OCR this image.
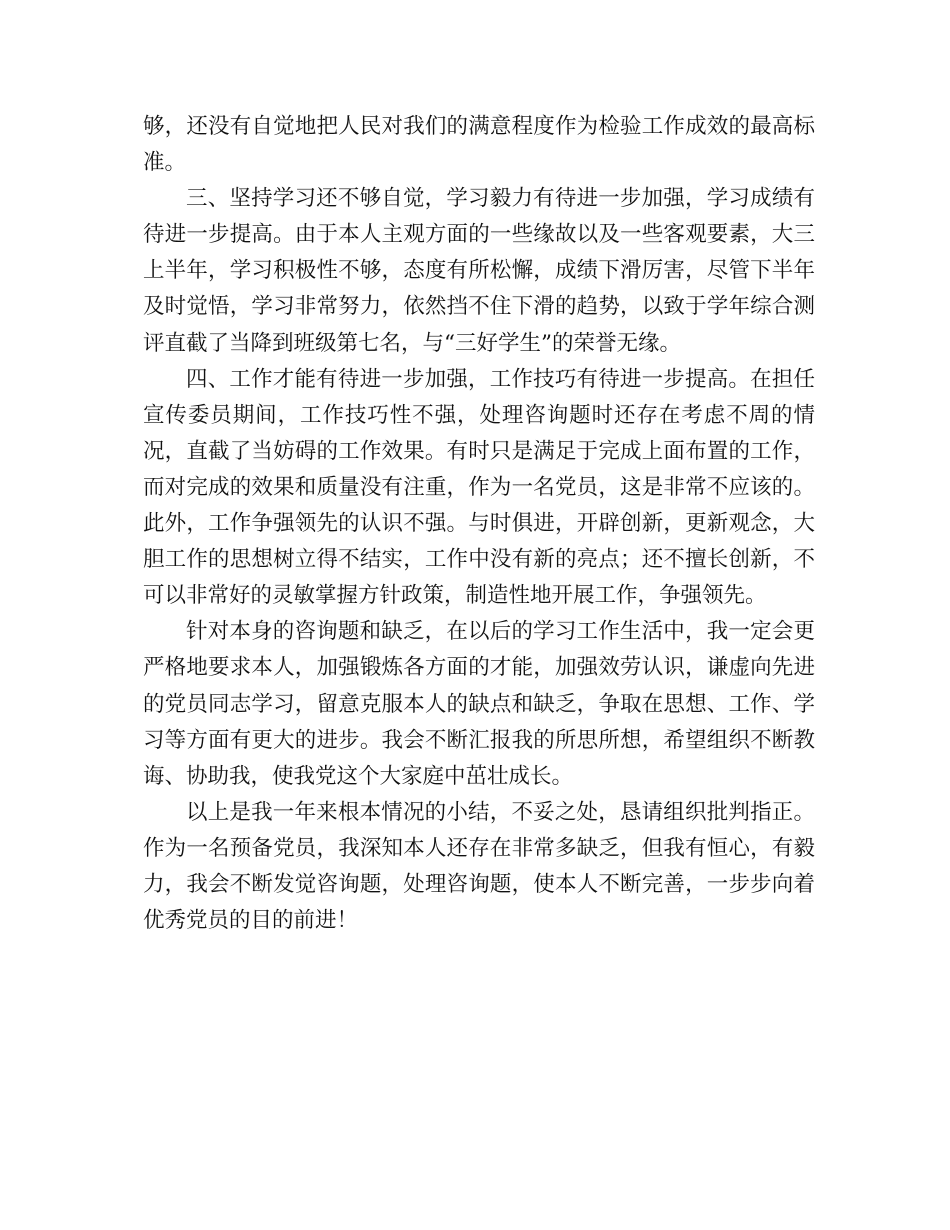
够，还没有自觉地把人民对我们的满意程度作为检验工作成效的最高标准。

三、坚持学习还不够自觉，学习毅力有待进一步加强，学习成绩有待进一步提高。由于本人主观方面的一些缘故以及一些客观要素，大三上半年，学习积极性不够，态度有所松懈，成绩下滑厉害，尽管下半年及时觉悟，学习非常努力，依然挡不住下滑的趋势，以致于学年综合测评直截了当降到班级第七名，与“三好学生”的荣誉无缘。

四、工作才能有待进一步加强，工作技巧有待进一步提高。在担任宣传委员期间，工作技巧性不强，处理咨询题时还存在考虑不周的情况，直截了当妨碍的工作效果。有时只是满足于完成上面布置的工作，而对完成的效果和质量没有注重，作为一名党员，这是非常不应该的。此外，工作争强领先的认识不强。与时俱进，开辟创新，更新观念，大胆工作的思想树立得不结实，工作中没有新的亮点；还不擅长创新，不可以非常好的灵敏掌握方针政策，制造性地开展工作，争强领先。

针对本身的咨询题和缺乏，在以后的学习工作生活中，我一定会更严格地要求本人，加强锻炼各方面的才能，加强效劳认识，谦虚向先进的党员同志学习，留意克服本人的缺点和缺乏，争取在思想、工作、学习等方面有更大的进步。我会不断汇报我的所思所想，希望组织不断教诲、协助我，使我党这个大家庭中茁壮成长。

以上是我一年来根本情况的小结，不妥之处，恳请组织批判指正。作为一名预备党员，我深知本人还存在非常多缺乏，但我有恒心，有毅力，我会不断发觉咨询题，处理咨询题，使本人不断完善，一步步向着优秀党员的目的前进！
